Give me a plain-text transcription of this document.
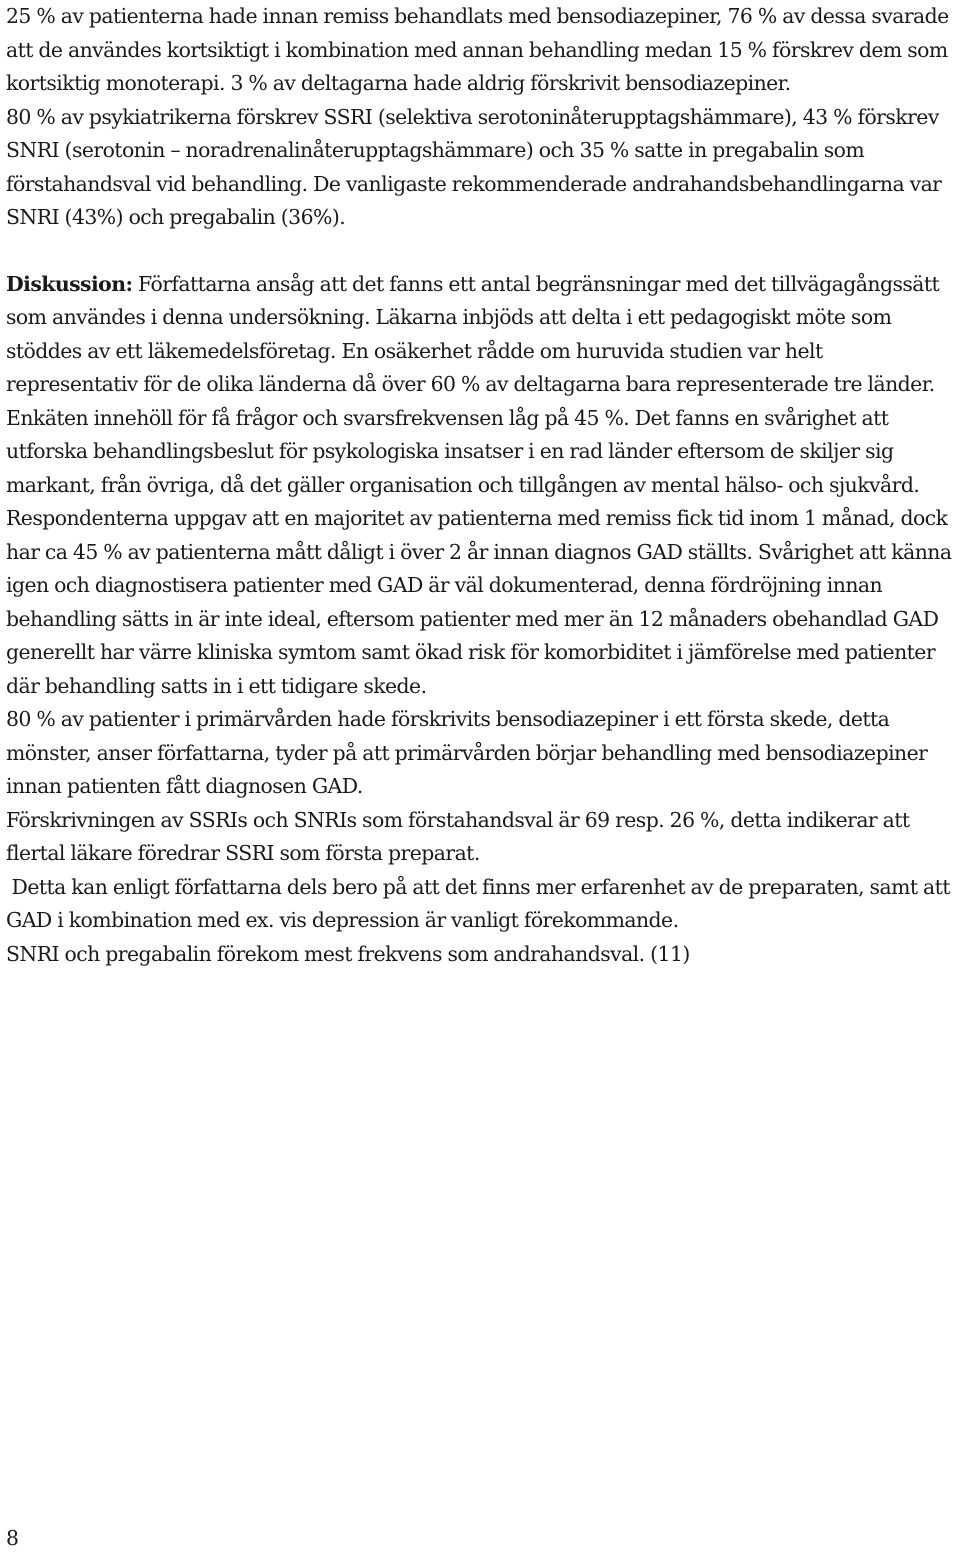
25 % av patienterna hade innan remiss behandlats med bensodiazepiner, 76 % av dessa svarade att de användes kortsiktigt i kombination med annan behandling medan 15 % förskrev dem som kortsiktig monoterapi. 3 % av deltagarna hade aldrig förskrivit bensodiazepiner.

80 % av psykiatrikerna förskrev SSRI (selektiva serotoninåterupptagshämmare), 43 % förskrev SNRI (serotonin – noradrenalinåterupptagshämmare) och 35 % satte in pregabalin som förstahandsval vid behandling. De vanligaste rekommenderade andrahandsbehandlingarna var SNRI (43%) och pregabalin (36%).

Diskussion: Författarna ansåg att det fanns ett antal begränsningar med det tillvägagångssätt som användes i denna undersökning. Läkarna inbjöds att delta i ett pedagogiskt möte som stöddes av ett läkemedelsföretag. En osäkerhet rådde om huruvida studien var helt representativ för de olika länderna då över 60 % av deltagarna bara representerade tre länder. Enkäten innehöll för få frågor och svarsfrekvensen låg på 45 %. Det fanns en svårighet att utforska behandlingsbeslut för psykologiska insatser i en rad länder eftersom de skiljer sig markant, från övriga, då det gäller organisation och tillgången av mental hälso- och sjukvård.

Respondenterna uppgav att en majoritet av patienterna med remiss fick tid inom 1 månad, dock har ca 45 % av patienterna mått dåligt i över 2 år innan diagnos GAD ställts. Svårighet att känna igen och diagnostisera patienter med GAD är väl dokumenterad, denna fördröjning innan behandling sätts in är inte ideal, eftersom patienter med mer än 12 månaders obehandlad GAD generellt har värre kliniska symtom samt ökad risk för komorbiditet i jämförelse med patienter där behandling satts in i ett tidigare skede.

80 % av patienter i primärvården hade förskrivits bensodiazepiner i ett första skede, detta mönster, anser författarna, tyder på att primärvården börjar behandling med bensodiazepiner innan patienten fått diagnosen GAD.

Förskrivningen av SSRIs och SNRIs som förstahandsval är 69 resp. 26 %, detta indikerar att flertal läkare föredrar SSRI som första preparat.

Detta kan enligt författarna dels bero på att det finns mer erfarenhet av de preparaten, samt att GAD i kombination med ex. vis depression är vanligt förekommande.

SNRI och pregabalin förekom mest frekvens som andrahandsval. (11)

8
